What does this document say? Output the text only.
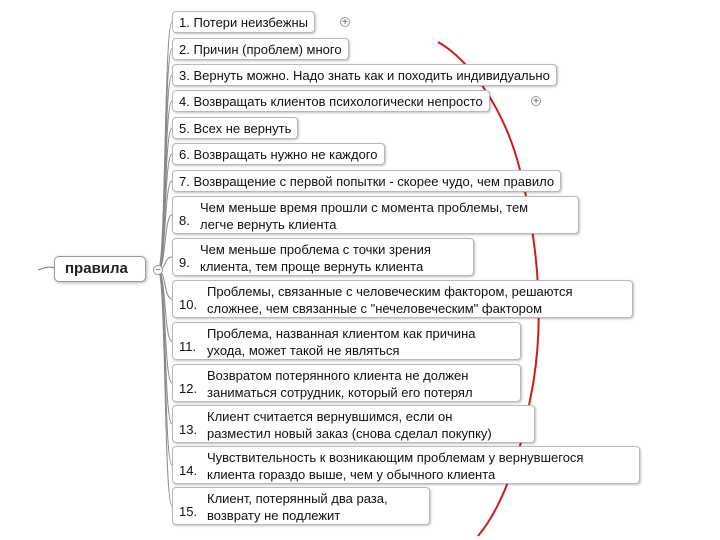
правила	−
1. Потери неизбежны	+
2. Причин (проблем) много
3. Вернуть можно. Надо знать как и походить индивидуально
4. Возвращать клиентов психологически непросто	+
5. Всех не вернуть
6. Возвращать нужно не каждого
7. Возвращение с первой попытки - скорее чудо, чем правило
8.
Чем меньше время прошли с момента проблемы, тем
легче вернуть клиента
9.
Чем меньше проблема с точки зрения
клиента, тем проще вернуть клиента
10.
Проблемы, связанные с человеческим фактором, решаются
сложнее, чем связанные с "нечеловеческим" фактором
11.
Проблема, названная клиентом как причина
ухода, может такой не являться
12.
Возвратом потерянного клиента не должен
заниматься сотрудник, который его потерял
13.
Клиент считается вернувшимся, если он
разместил новый заказ (снова сделал покупку)
14.
Чувствительность к возникающим проблемам у вернувшегося
клиента гораздо выше, чем у обычного клиента
15.
Клиент, потерянный два раза,
возврату не подлежит
